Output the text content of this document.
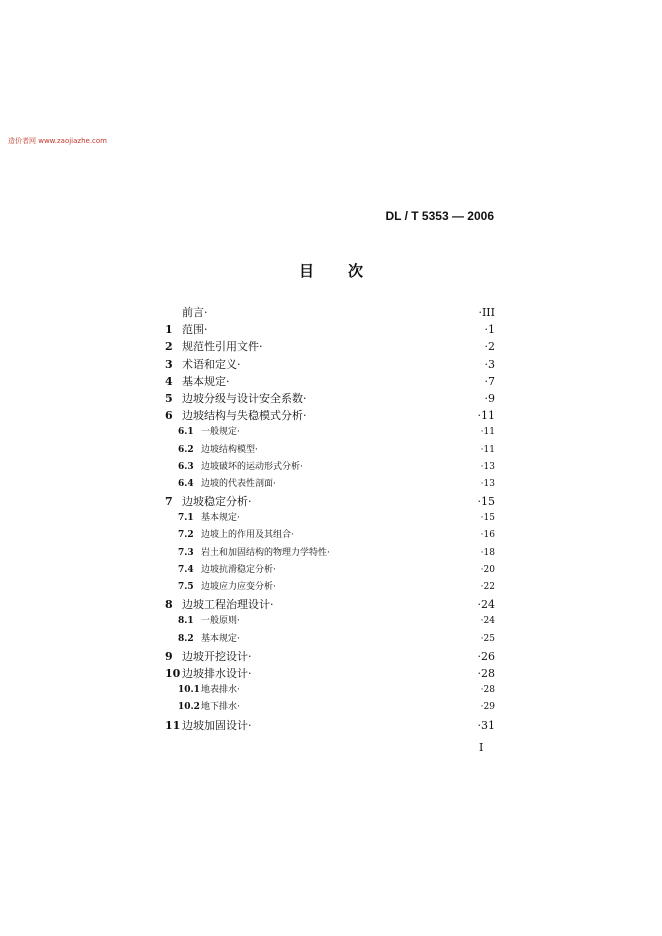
造价者网 www.zaojiazhe.com
DL / T 5353 — 2006
目次
前言·	·III
1 范围·	·1
2 规范性引用文件·	·2
3 术语和定义·	·3
4 基本规定·	·7
5 边坡分级与设计安全系数·	·9
6 边坡结构与失稳模式分析·	·11
6.1 一般规定·	·11
6.2 边坡结构模型·	·11
6.3 边坡破坏的运动形式分析·	·13
6.4 边坡的代表性剖面·	·13
7 边坡稳定分析·	·15
7.1 基本规定·	·15
7.2 边坡上的作用及其组合·	·16
7.3 岩土和加固结构的物理力学特性·	·18
7.4 边坡抗滑稳定分析·	·20
7.5 边坡应力应变分析·	·22
8 边坡工程治理设计·	·24
8.1 一般原则·	·24
8.2 基本规定·	·25
9 边坡开挖设计·	·26
10 边坡排水设计·	·28
10.1 地表排水·	·28
10.2 地下排水·	·29
11 边坡加固设计·	·31
I
